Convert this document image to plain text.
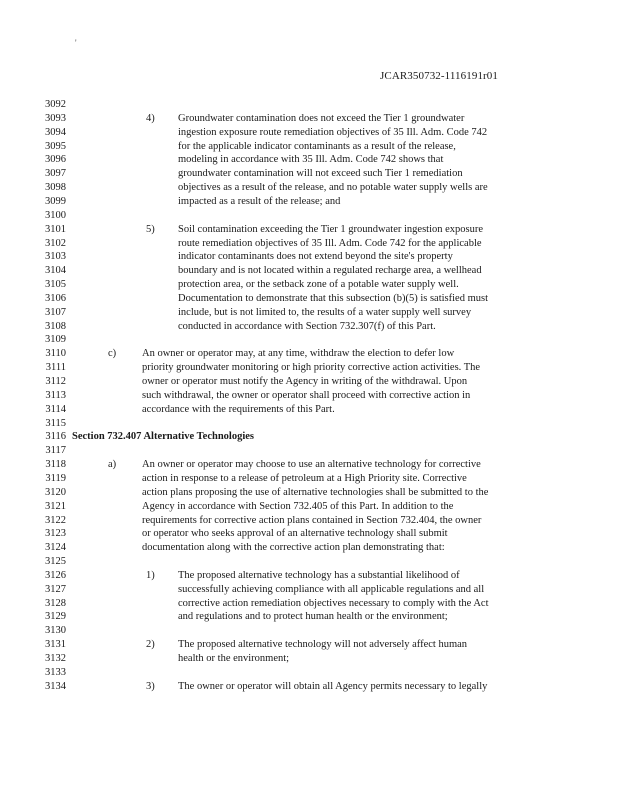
'
JCAR350732-1116191r01
3092
3093
3094
3095
3096
3097
3098
3099
3100
3101
3102
3103
3104
3105
3106
3107
3108
3109
3110
3111
3112
3113
3114
3115
3116
3117
3118
3119
3120
3121
3122
3123
3124
3125
3126
3127
3128
3129
3130
3131
3132
3133
3134
4) Groundwater contamination does not exceed the Tier 1 groundwater
ingestion exposure route remediation objectives of 35 Ill. Adm. Code 742
for the applicable indicator contaminants as a result of the release,
modeling in accordance with 35 Ill. Adm. Code 742 shows that
groundwater contamination will not exceed such Tier 1 remediation
objectives as a result of the release, and no potable water supply wells are
impacted as a result of the release; and
5) Soil contamination exceeding the Tier 1 groundwater ingestion exposure
route remediation objectives of 35 Ill. Adm. Code 742 for the applicable
indicator contaminants does not extend beyond the site's property
boundary and is not located within a regulated recharge area, a wellhead
protection area, or the setback zone of a potable water supply well.
Documentation to demonstrate that this subsection (b)(5) is satisfied must
include, but is not limited to, the results of a water supply well survey
conducted in accordance with Section 732.307(f) of this Part.
c) An owner or operator may, at any time, withdraw the election to defer low
priority groundwater monitoring or high priority corrective action activities. The
owner or operator must notify the Agency in writing of the withdrawal. Upon
such withdrawal, the owner or operator shall proceed with corrective action in
accordance with the requirements of this Part.
Section 732.407 Alternative Technologies
a) An owner or operator may choose to use an alternative technology for corrective
action in response to a release of petroleum at a High Priority site. Corrective
action plans proposing the use of alternative technologies shall be submitted to the
Agency in accordance with Section 732.405 of this Part. In addition to the
requirements for corrective action plans contained in Section 732.404, the owner
or operator who seeks approval of an alternative technology shall submit
documentation along with the corrective action plan demonstrating that:
1) The proposed alternative technology has a substantial likelihood of
successfully achieving compliance with all applicable regulations and all
corrective action remediation objectives necessary to comply with the Act
and regulations and to protect human health or the environment;
2) The proposed alternative technology will not adversely affect human
health or the environment;
3) The owner or operator will obtain all Agency permits necessary to legally
